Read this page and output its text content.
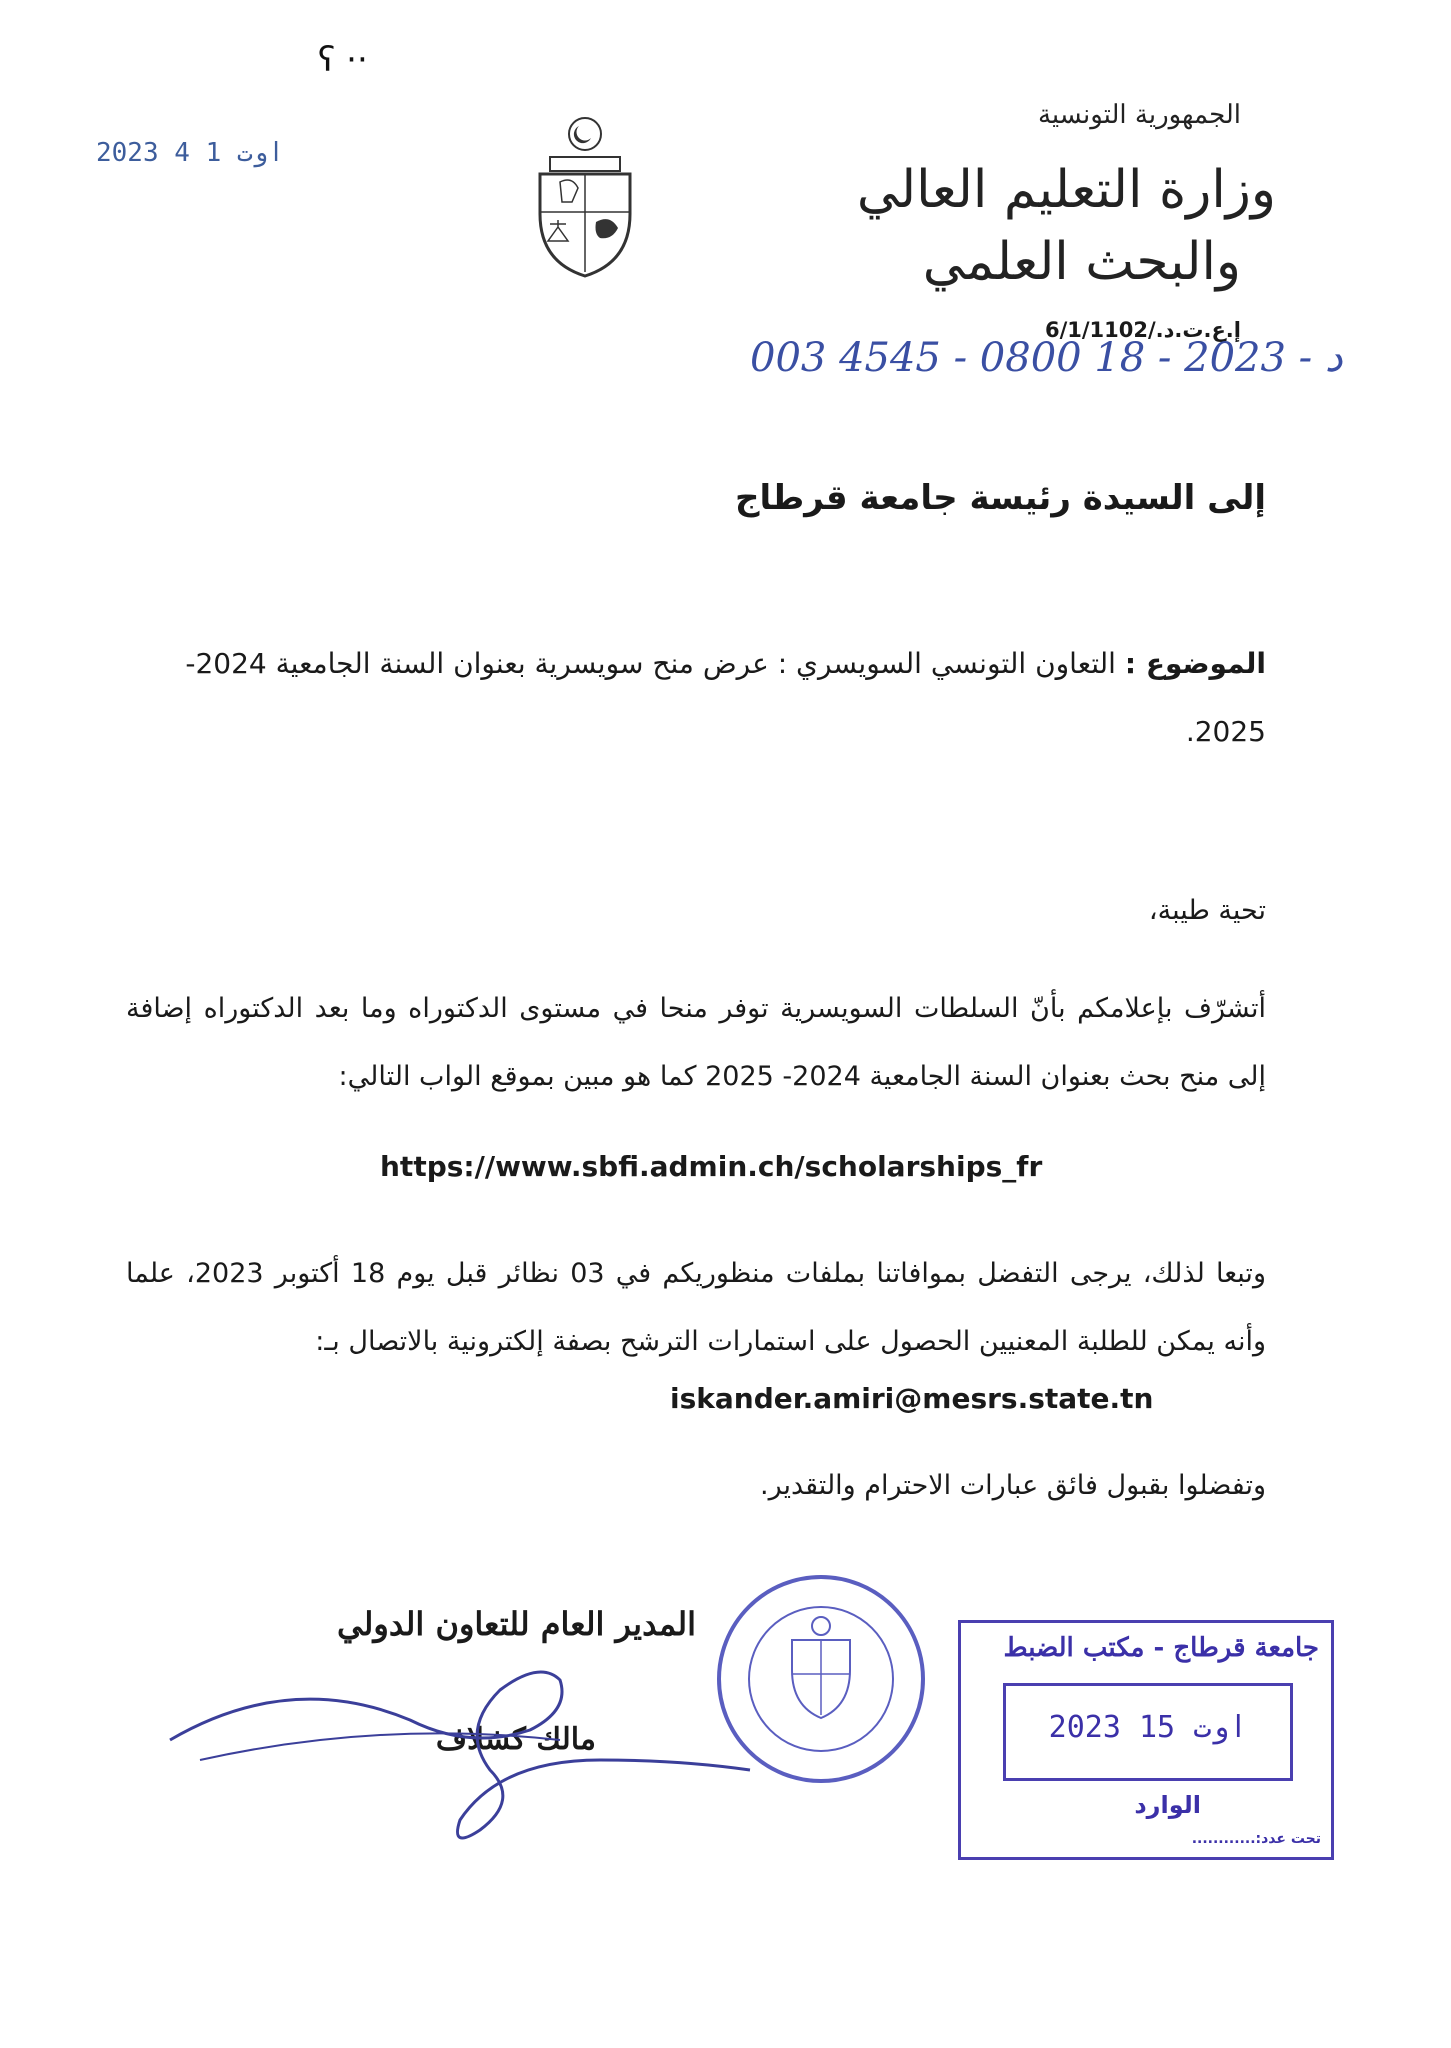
ʕ ··
2023 اوت 1 4
الجمهورية التونسية
وزارة التعليم العالي
والبحث العلمي
إ.ع.ت.د./6/1/1102
003 4545 - 0800 18 - 2023 - د
إلى السيدة رئيسة جامعة قرطاج
الموضوع : التعاون التونسي السويسري : عرض منح سويسرية بعنوان السنة الجامعية 2024-2025.
تحية طيبة،
أتشرّف بإعلامكم بأنّ السلطات السويسرية توفر منحا في مستوى الدكتوراه وما بعد الدكتوراه إضافة إلى منح بحث بعنوان السنة الجامعية 2024- 2025 كما هو مبين بموقع الواب التالي:
https://www.sbfi.admin.ch/scholarships_fr
وتبعا لذلك، يرجى التفضل بموافاتنا بملفات منظوريكم في 03 نظائر قبل يوم 18 أكتوبر 2023، علما وأنه يمكن للطلبة المعنيين الحصول على استمارات الترشح بصفة إلكترونية بالاتصال بـ:
iskander.amiri@mesrs.state.tn
وتفضلوا بقبول فائق عبارات الاحترام والتقدير.
المدير العام للتعاون الدولي
مالك كشلاف
جامعة قرطاج - مكتب الضبط
2023 اوت 15
الوارد
تحت عدد:............
